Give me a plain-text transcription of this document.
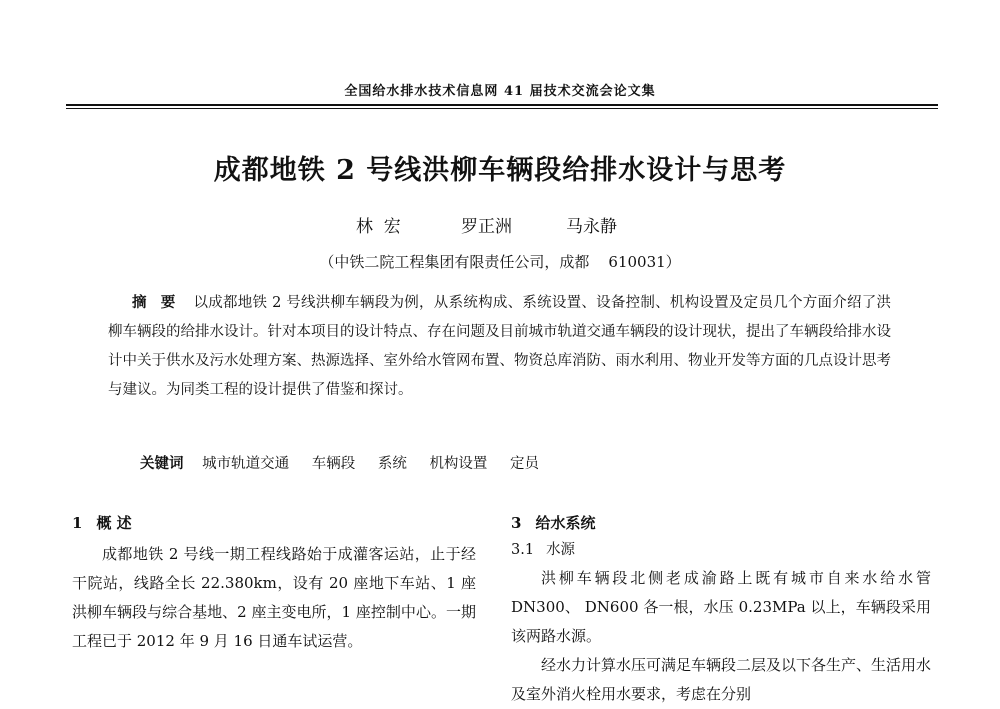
全国给水排水技术信息网 41 届技术交流会论文集
成都地铁 2 号线洪柳车辆段给排水设计与思考
林  宏	罗正洲	马永静
（中铁二院工程集团有限责任公司，成都    610031）

摘要 以成都地铁 2 号线洪柳车辆段为例，从系统构成、系统设置、设备控制、机构设置及定员几个方面介绍了洪柳车辆段的给排水设计。针对本项目的设计特点、存在问题及目前城市轨道交通车辆段的设计现状，提出了车辆段给排水设计中关于供水及污水处理方案、热源选择、室外给水管网布置、物资总库消防、雨水利用、物业开发等方面的几点设计思考与建议。为同类工程的设计提供了借鉴和探讨。

关键词 城市轨道交通 车辆段 系统 机构设置 定员
1 概 述

成都地铁 2 号线一期工程线路始于成灌客运站，止于经干院站，线路全长 22.380km，设有 20 座地下车站、1 座洪柳车辆段与综合基地、2 座主变电所，1 座控制中心。一期工程已于 2012 年 9 月 16 日通车试运营。

3 给水系统
3.1 水源

洪柳车辆段北侧老成渝路上既有城市自来水给水管 DN300、 DN600 各一根，水压 0.23MPa 以上，车辆段采用该两路水源。

经水力计算水压可满足车辆段二层及以下各生产、生活用水及室外消火栓用水要求，考虑在分别
